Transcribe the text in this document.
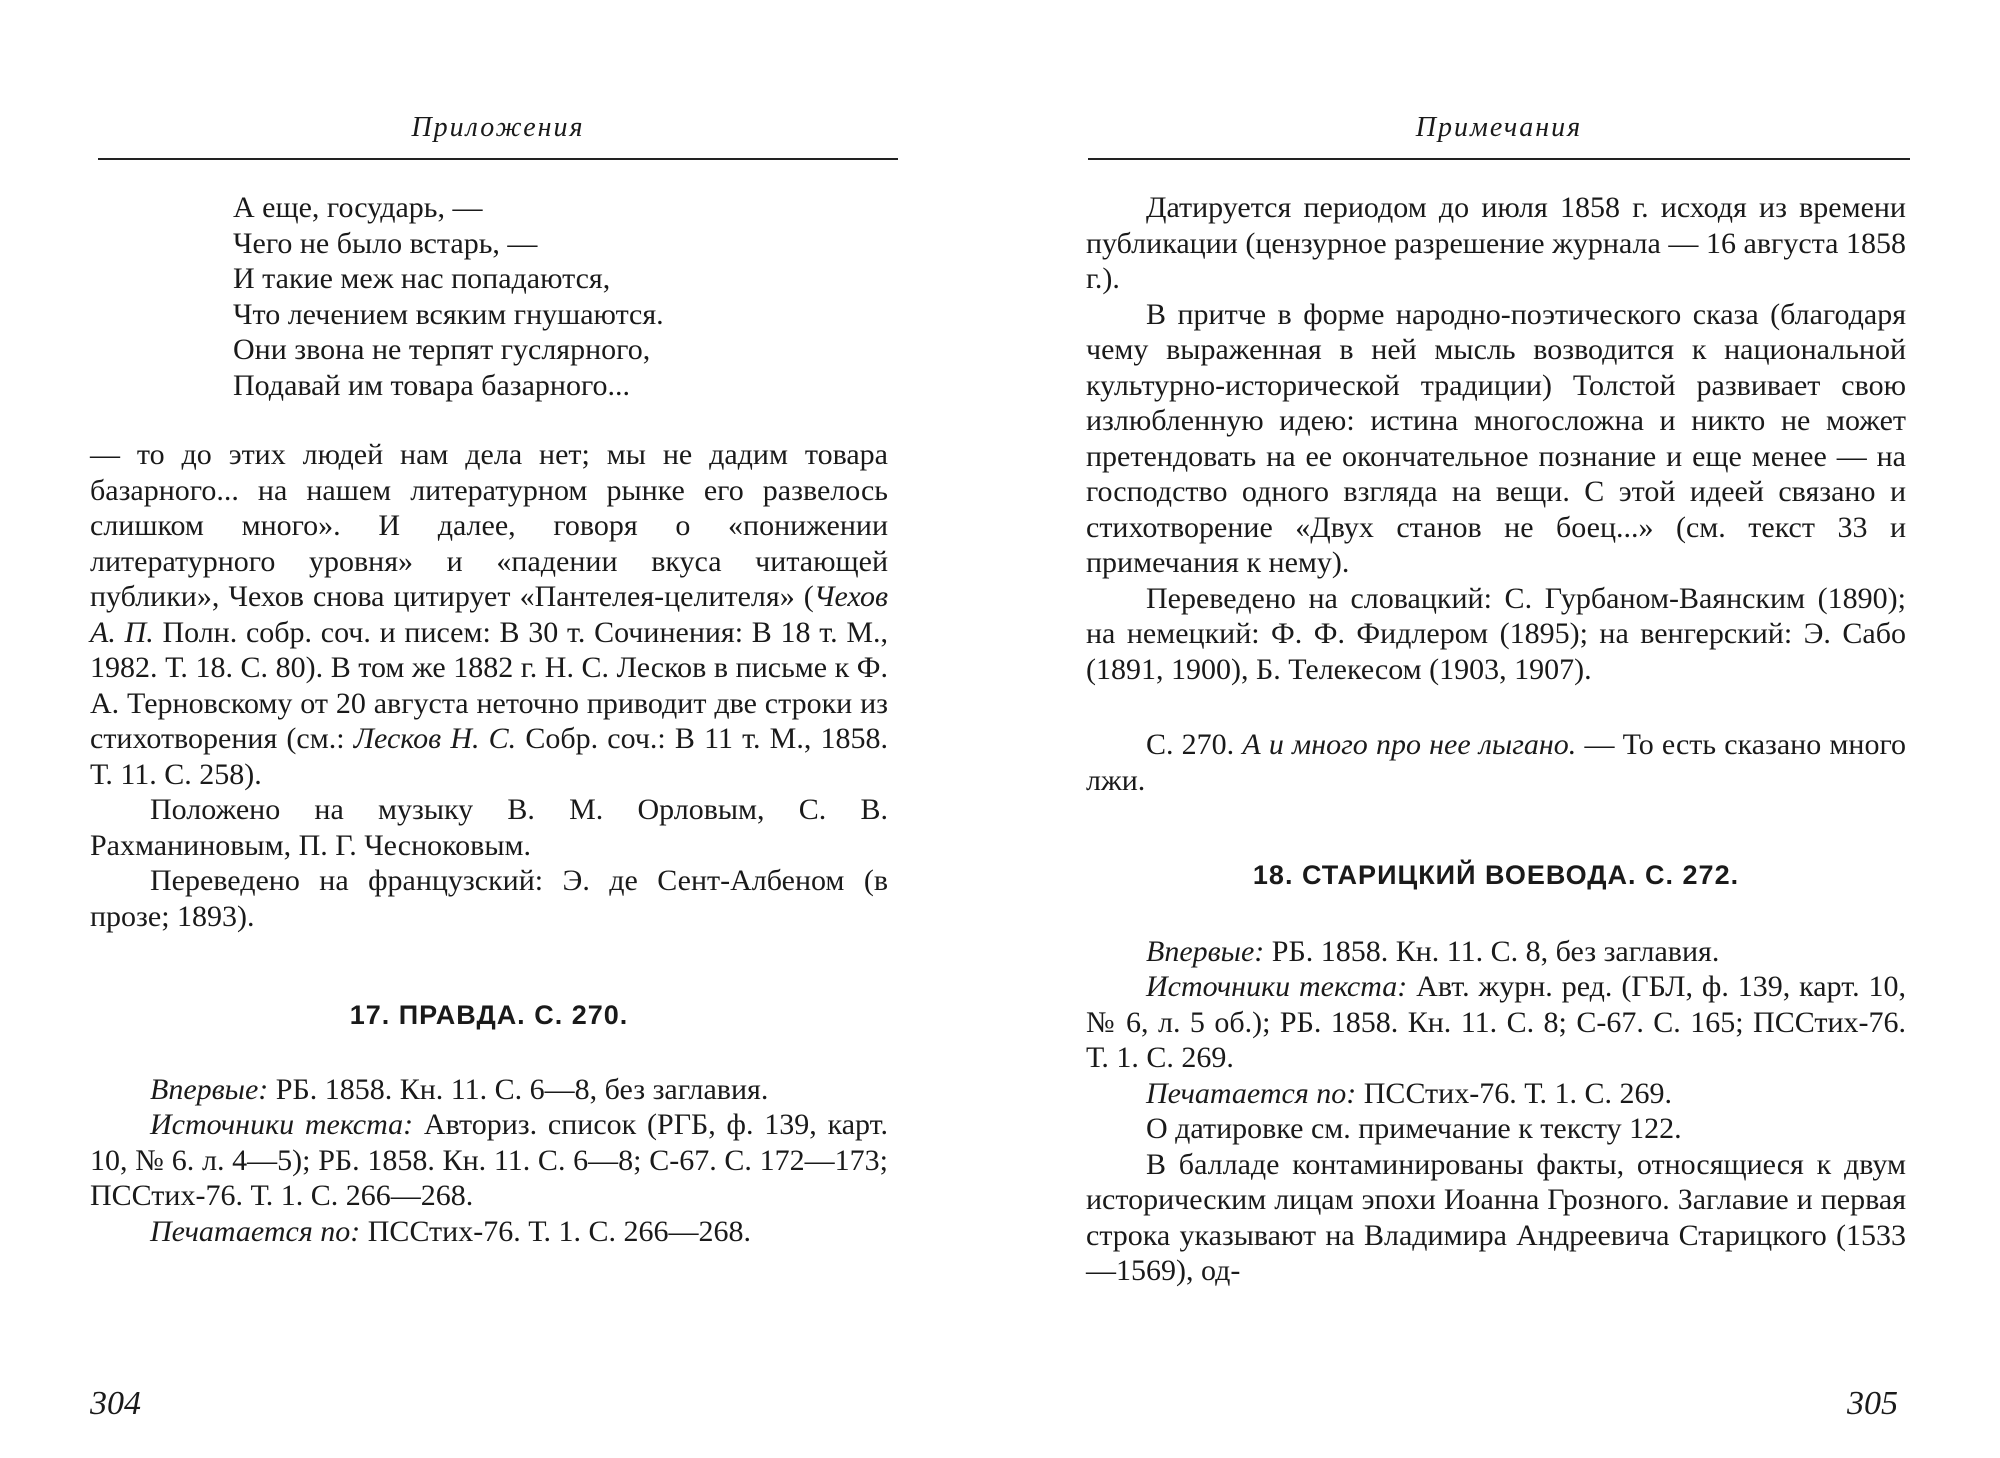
Приложения
А еще, государь, —
Чего не было встарь, —
И такие меж нас попадаются,
Что лечением всяким гнушаются.
Они звона не терпят гуслярного,
Подавай им товара базарного...

— то до этих людей нам дела нет; мы не дадим товара базарного... на нашем литературном рынке его развелось слишком много». И далее, говоря о «понижении литературного уровня» и «падении вкуса читающей публики», Чехов снова цитирует «Пантелея-целителя» (Чехов А. П. Полн. собр. соч. и писем: В 30 т. Сочинения: В 18 т. М., 1982. Т. 18. С. 80). В том же 1882 г. Н. С. Лесков в письме к Ф. А. Терновскому от 20 августа неточно приводит две строки из стихотворения (см.: Лесков Н. С. Собр. соч.: В 11 т. М., 1858. Т. 11. С. 258).

Положено на музыку В. М. Орловым, С. В. Рахманиновым, П. Г. Чесноковым.

Переведено на французский: Э. де Сент-Албеном (в прозе; 1893).

17. ПРАВДА. С. 270.

Впервые: РБ. 1858. Кн. 11. С. 6—8, без заглавия.

Источники текста: Авториз. список (РГБ, ф. 139, карт. 10, № 6. л. 4—5); РБ. 1858. Кн. 11. С. 6—8; С-67. С. 172—173; ПССтих-76. Т. 1. С. 266—268.

Печатается по: ПССтих-76. Т. 1. С. 266—268.

304
Примечания

Датируется периодом до июля 1858 г. исходя из времени публикации (цензурное разрешение журнала — 16 августа 1858 г.).

В притче в форме народно-поэтического сказа (благодаря чему выраженная в ней мысль возводится к национальной культурно-исторической традиции) Толстой развивает свою излюбленную идею: истина многосложна и никто не может претендовать на ее окончательное познание и еще менее — на господство одного взгляда на вещи. С этой идеей связано и стихотворение «Двух станов не боец...» (см. текст 33 и примечания к нему).

Переведено на словацкий: С. Гурбаном-Ваянским (1890); на немецкий: Ф. Ф. Фидлером (1895); на венгерский: Э. Сабо (1891, 1900), Б. Телекесом (1903, 1907).

С. 270. А и много про нее лыгано. — То есть сказано много лжи.

18. СТАРИЦКИЙ ВОЕВОДА. С. 272.

Впервые: РБ. 1858. Кн. 11. С. 8, без заглавия.

Источники текста: Авт. журн. ред. (ГБЛ, ф. 139, карт. 10, № 6, л. 5 об.); РБ. 1858. Кн. 11. С. 8; С-67. С. 165; ПССтих-76. Т. 1. С. 269.

Печатается по: ПССтих-76. Т. 1. С. 269.

О датировке см. примечание к тексту 122.

В балладе контаминированы факты, относящиеся к двум историческим лицам эпохи Иоанна Грозного. Заглавие и первая строка указывают на Владимира Андреевича Старицкого (1533—1569), од-

305
